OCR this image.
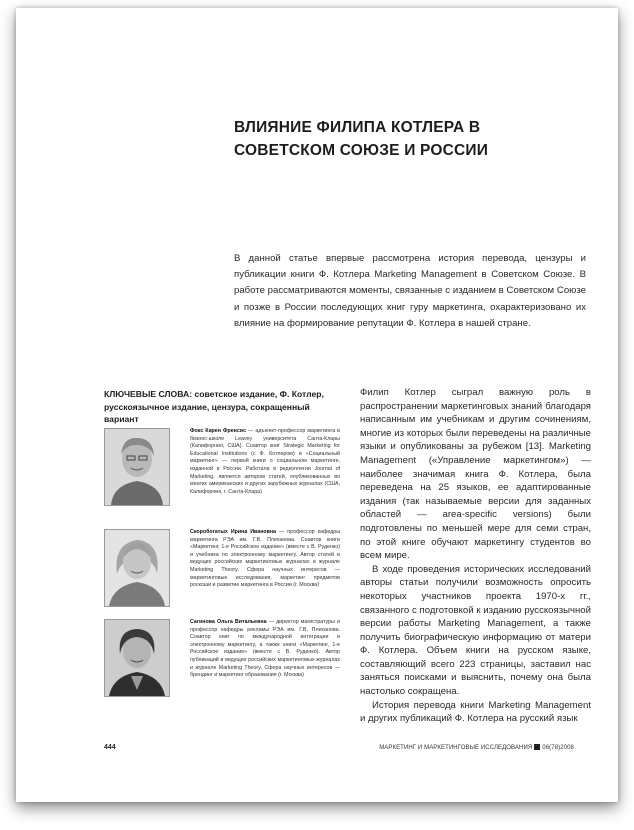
ВЛИЯНИЕ ФИЛИПА КОТЛЕРА В СОВЕТСКОМ СОЮЗЕ И РОССИИ
В данной статье впервые рассмотрена история перевода, цензуры и публикации книги Ф. Котлера Marketing Management в Советском Союзе. В работе рассматриваются моменты, связанные с изданием в Советском Союзе и позже в России последующих книг гуру маркетинга, охарактеризовано их влияние на формирование репутации Ф. Котлера в нашей стране.
КЛЮЧЕВЫЕ СЛОВА: советское издание, Ф. Котлер, русскоязычное издание, цензура, сокращенный вариант
Фокс Карен Френсис — адъюнкт-профессор маркетинга в бизнес-школе Leavey университета Санта-Клары (Калифорния, США). Соавтор книг Strategic Marketing for Educational Institutions (с Ф. Котлером) и «Социальный маркетинг» — первой книги о социальном маркетинге, изданной в России. Работала в редколлегии Journal of Marketing, является автором статей, опубликованных во многих американских и других зарубежных журналах (США, Калифорния, г. Санта-Клара)
Скоробогатых Ирина Ивановна — профессор кафедры маркетинга РЭА им. Г.В. Плеханова. Соавтор книги «Маркетинг, 1-е Российское издание» (вместе с В. Руденко) и учебника по электронному маркетингу. Автор статей в ведущих российских маркетинговых журналах и журнале Marketing Theory. Сфера научных интересов — маркетинговые исследования, маркетинг предметов роскоши и развитие маркетинга в России (г. Москва)
Сагинова Ольга Витальевна — директор магистратуры и профессор кафедры рекламы РЭА им. Г.В. Плеханова. Соавтор книг по международной интеграции и электронному маркетингу, а также книги «Маркетинг, 1-е Российское издание» (вместе с В. Руденко). Автор публикаций в ведущих российских маркетинговых журналах и журнале Marketing Theory. Сфера научных интересов — брендинг и маркетинг образования (г. Москва)

Филип Котлер сыграл важную роль в распространении маркетинговых знаний благодаря написанным им учебникам и другим сочинениям, многие из которых были переведены на различные языки и опубликованы за рубежом [13]. Marketing Management («Управление маркетингом») — наиболее значимая книга Ф. Котлера, была переведена на 25 языков, ее адаптированные издания (так называемые версии для заданных областей — area-specific versions) были подготовлены по меньшей мере для семи стран, по этой книге обучают маркетингу студентов во всем мире.

В ходе проведения исторических исследований авторы статьи получили возможность опросить некоторых участников проекта 1970-х гг., связанного с подготовкой к изданию русскоязычной версии работы Marketing Management, а также получить биографическую информацию от матери Ф. Котлера. Объем книги на русском языке, составляющий всего 223 страницы, заставил нас заняться поисками и выяснить, почему она была настолько сокращена.

История перевода книги Marketing Management и других публикаций Ф. Котлера на русский язык

444	МАРКЕТИНГ И МАРКЕТИНГОВЫЕ ИССЛЕДОВАНИЯ 06(78)2008
